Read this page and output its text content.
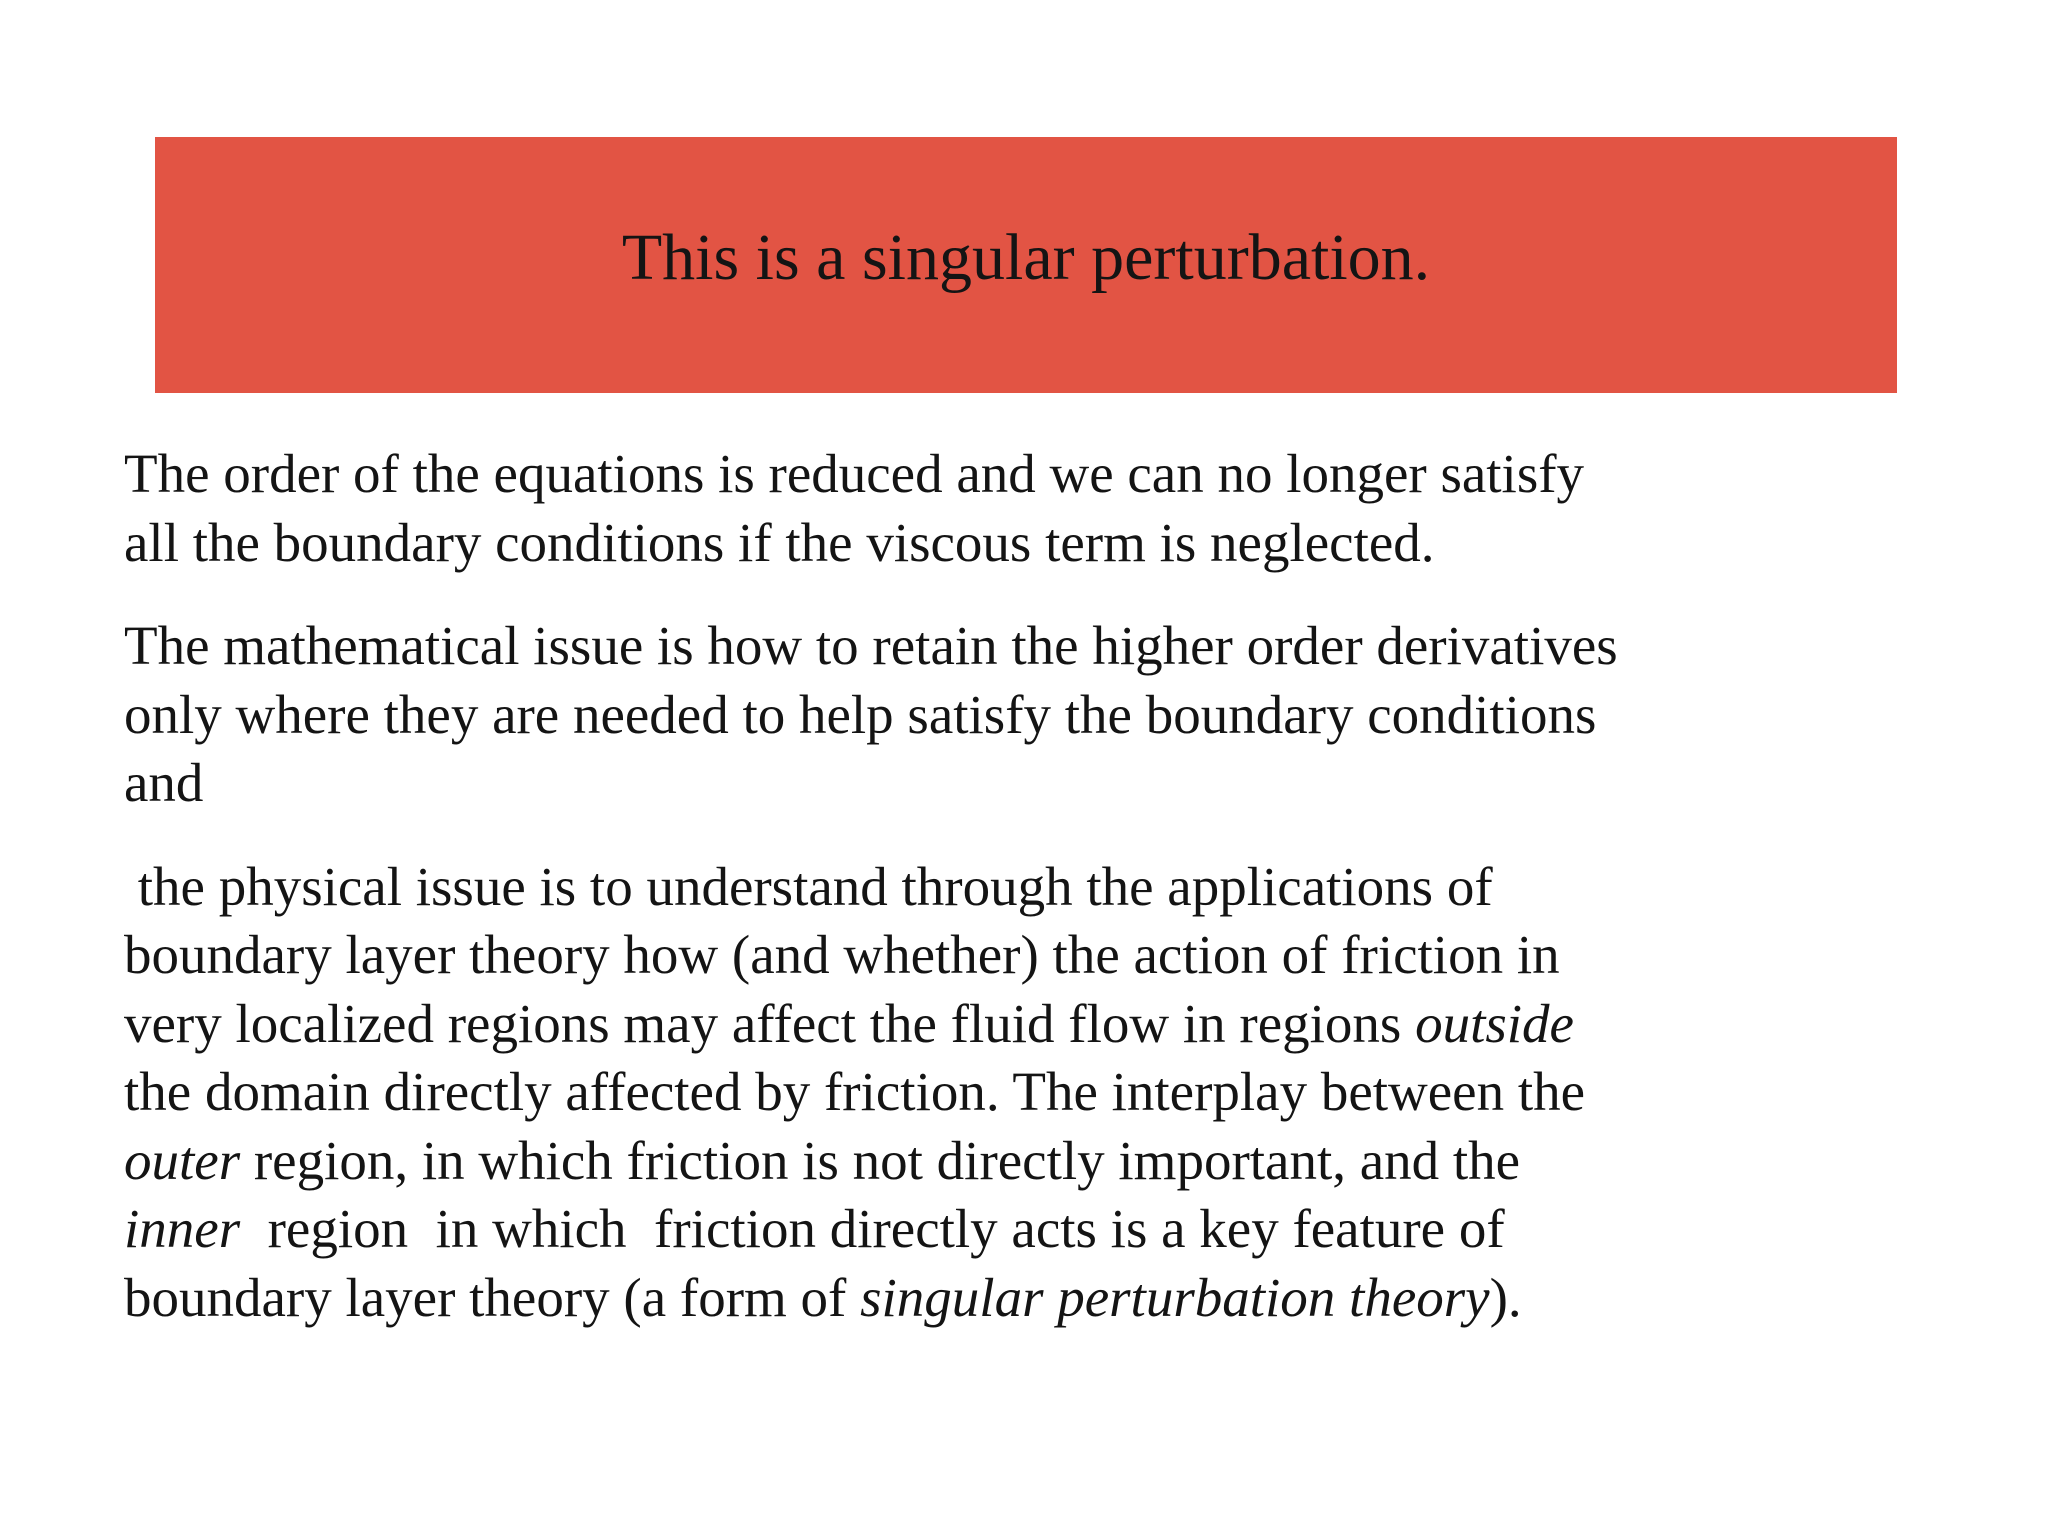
This is a singular perturbation.

The order of the equations is reduced and we can no longer satisfy
all the boundary conditions if the viscous term is neglected.

The mathematical issue is how to retain the higher order derivatives
only where they are needed to help satisfy the boundary conditions
and

the physical issue is to understand through the applications of
boundary layer theory how (and whether) the action of friction in
very localized regions may affect the fluid flow in regions outside
the domain directly affected by friction. The interplay between the
outer region, in which friction is not directly important, and the
inner  region  in which  friction directly acts is a key feature of
boundary layer theory (a form of singular perturbation theory).
